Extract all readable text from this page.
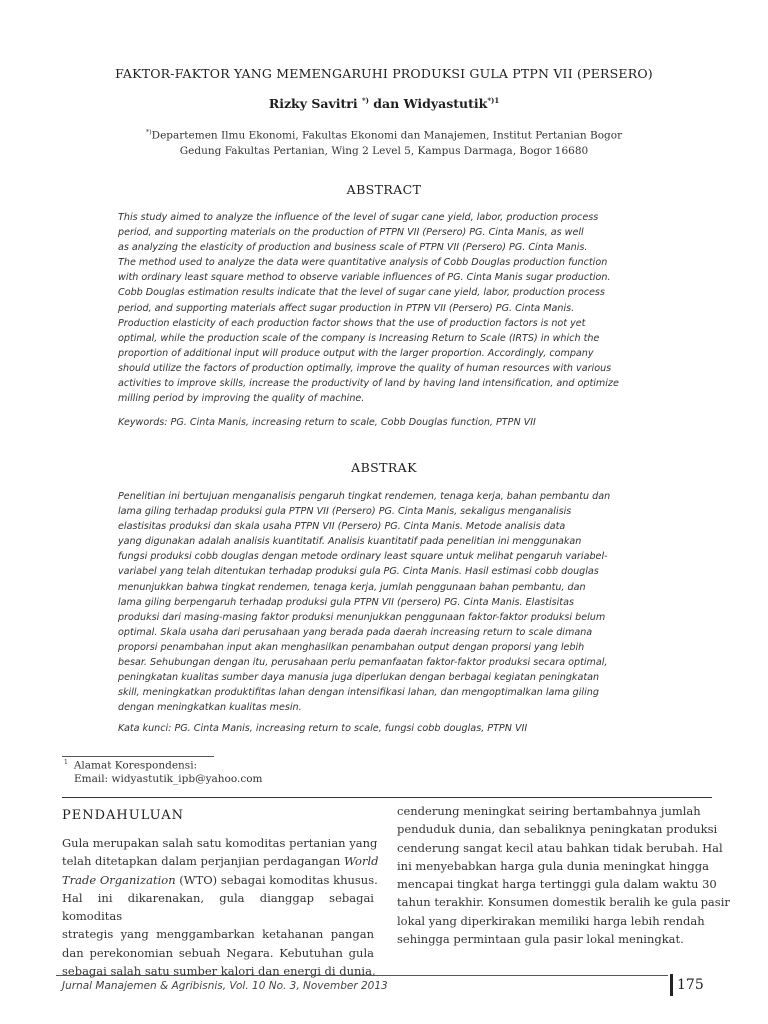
FAKTOR-FAKTOR YANG MEMENGARUHI PRODUKSI GULA PTPN VII (PERSERO)
Rizky Savitri *) dan Widyastutik$^{*)1}$
*)Departemen Ilmu Ekonomi, Fakultas Ekonomi dan Manajemen, Institut Pertanian Bogor
Gedung Fakultas Pertanian, Wing 2 Level 5, Kampus Darmaga, Bogor 16680
ABSTRACT
This study aimed to analyze the influence of the level of sugar cane yield, labor, production process
period, and supporting materials on the production of PTPN VII (Persero) PG. Cinta Manis, as well
as analyzing the elasticity of production and business scale of PTPN VII (Persero) PG. Cinta Manis.
The method used to analyze the data were quantitative analysis of Cobb Douglas production function
with ordinary least square method to observe variable influences of PG. Cinta Manis sugar production.
Cobb Douglas estimation results indicate that the level of sugar cane yield, labor, production process
period, and supporting materials affect sugar production in PTPN VII (Persero) PG. Cinta Manis.
Production elasticity of each production factor shows that the use of production factors is not yet
optimal, while the production scale of the company is Increasing Return to Scale (IRTS) in which the
proportion of additional input will produce output with the larger proportion. Accordingly, company
should utilize the factors of production optimally, improve the quality of human resources with various
activities to improve skills, increase the productivity of land by having land intensification, and optimize
milling period by improving the quality of machine.
Keywords: PG. Cinta Manis, increasing return to scale, Cobb Douglas function, PTPN VII
ABSTRAK
Penelitian ini bertujuan menganalisis pengaruh tingkat rendemen, tenaga kerja, bahan pembantu dan
lama giling terhadap produksi gula PTPN VII (Persero) PG. Cinta Manis, sekaligus menganalisis
elastisitas produksi dan skala usaha PTPN VII (Persero) PG. Cinta Manis. Metode analisis data
yang digunakan adalah analisis kuantitatif. Analisis kuantitatif pada penelitian ini menggunakan
fungsi produksi cobb douglas dengan metode ordinary least square untuk melihat pengaruh variabel-
variabel yang telah ditentukan terhadap produksi gula PG. Cinta Manis. Hasil estimasi cobb douglas
menunjukkan bahwa tingkat rendemen, tenaga kerja, jumlah penggunaan bahan pembantu, dan
lama giling berpengaruh terhadap produksi gula PTPN VII (persero) PG. Cinta Manis. Elastisitas
produksi dari masing-masing faktor produksi menunjukkan penggunaan faktor-faktor produksi belum
optimal. Skala usaha dari perusahaan yang berada pada daerah increasing return to scale dimana
proporsi penambahan input akan menghasilkan penambahan output dengan proporsi yang lebih
besar. Sehubungan dengan itu, perusahaan perlu pemanfaatan faktor-faktor produksi secara optimal,
peningkatan kualitas sumber daya manusia juga diperlukan dengan berbagai kegiatan peningkatan
skill, meningkatkan produktifitas lahan dengan intensifikasi lahan, dan mengoptimalkan lama giling
dengan meningkatkan kualitas mesin.
Kata kunci: PG. Cinta Manis, increasing return to scale, fungsi cobb douglas, PTPN VII
$^1$ Alamat Korespondensi:
Email: widyastutik_ipb@yahoo.com
PENDAHULUAN
Gula merupakan salah satu komoditas pertanian yang
telah ditetapkan dalam perjanjian perdagangan World
Trade Organization (WTO) sebagai komoditas khusus.
Hal ini dikarenakan, gula dianggap sebagai komoditas
strategis yang menggambarkan ketahanan pangan
dan perekonomian sebuah Negara. Kebutuhan gula
sebagai salah satu sumber kalori dan energi di dunia,
cenderung meningkat seiring bertambahnya jumlah
penduduk dunia, dan sebaliknya peningkatan produksi
cenderung sangat kecil atau bahkan tidak berubah. Hal
ini menyebabkan harga gula dunia meningkat hingga
mencapai tingkat harga tertinggi gula dalam waktu 30
tahun terakhir. Konsumen domestik beralih ke gula pasir
lokal yang diperkirakan memiliki harga lebih rendah
sehingga permintaan gula pasir lokal meningkat.
Jurnal Manajemen & Agribisnis, Vol. 10 No. 3, November 2013	175
